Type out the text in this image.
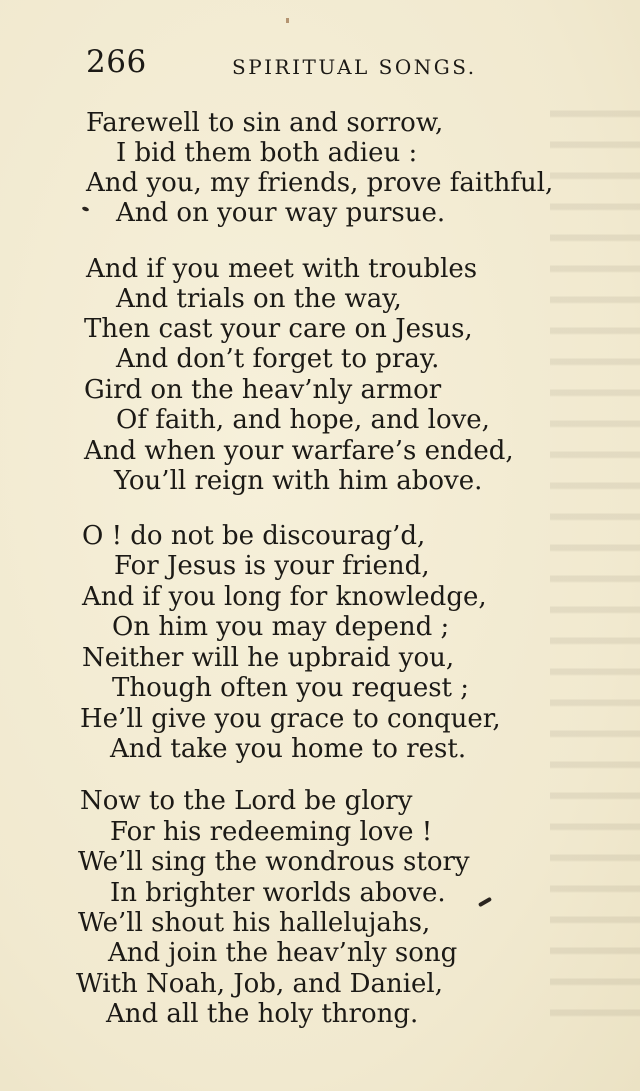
266	SPIRITUAL SONGS.
Farewell to sin and sorrow,
I bid them both adieu :
And you, my friends, prove faithful,
And on your way pursue.
And if you meet with troubles
And trials on the way,
Then cast your care on Jesus,
And don’t forget to pray.
Gird on the heav’nly armor
Of faith, and hope, and love,
And when your warfare’s ended,
You’ll reign with him above.
O ! do not be discourag’d,
For Jesus is your friend,
And if you long for knowledge,
On him you may depend ;
Neither will he upbraid you,
Though often you request ;
He’ll give you grace to conquer,
And take you home to rest.
Now to the Lord be glory
For his redeeming love !
We’ll sing the wondrous story
In brighter worlds above.
We’ll shout his hallelujahs,
And join the heav’nly song
With Noah, Job, and Daniel,
And all the holy throng.
